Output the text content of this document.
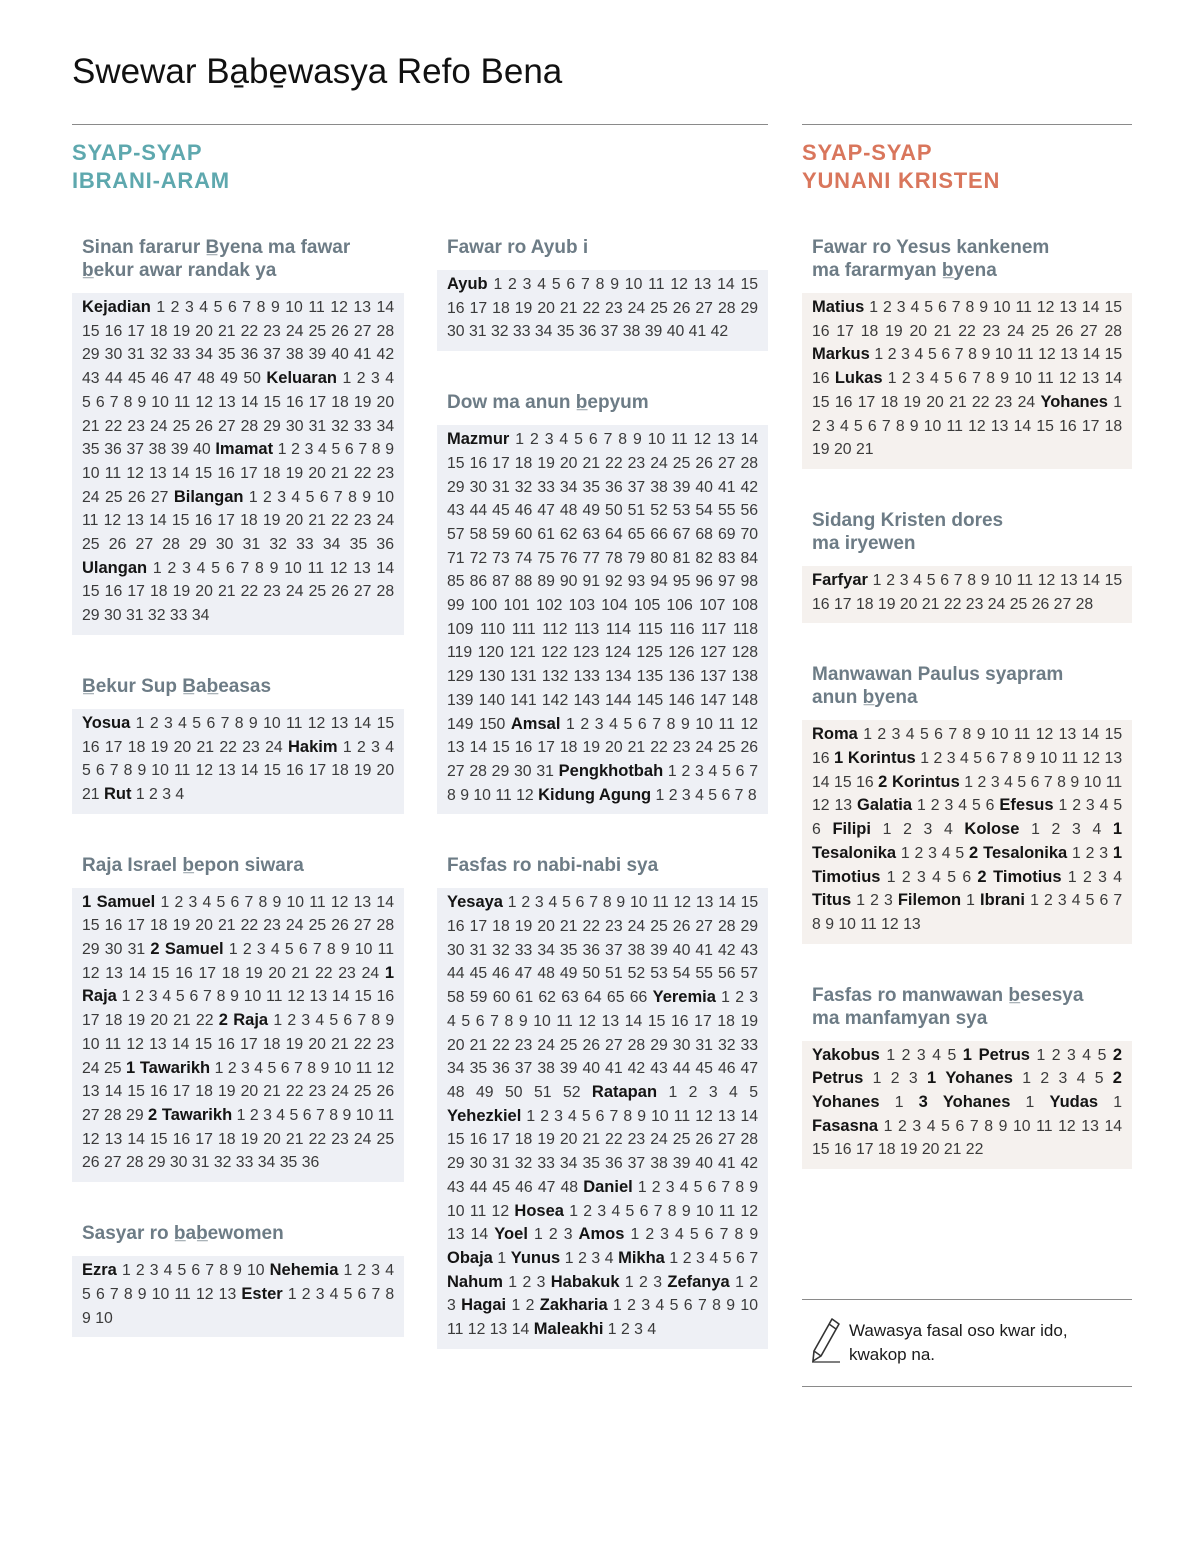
Swewar Ba̱be̱wasya Refo Bena
SYAP-SYAP
IBRANI-ARAM
SYAP-SYAP
YUNANI KRISTEN
Sinan fararur B̲yena ma fawar
b̲ekur awar randak ya
Kejadian 1 2 3 4 5 6 7 8 9 10 11 12 13 14 15 16 17 18 19 20 21 22 23 24 25 26 27 28 29 30 31 32 33 34 35 36 37 38 39 40 41 42 43 44 45 46 47 48 49 50 Keluaran 1 2 3 4 5 6 7 8 9 10 11 12 13 14 15 16 17 18 19 20 21 22 23 24 25 26 27 28 29 30 31 32 33 34 35 36 37 38 39 40 Imamat 1 2 3 4 5 6 7 8 9 10 11 12 13 14 15 16 17 18 19 20 21 22 23 24 25 26 27 Bilangan 1 2 3 4 5 6 7 8 9 10 11 12 13 14 15 16 17 18 19 20 21 22 23 24 25 26 27 28 29 30 31 32 33 34 35 36 Ulangan 1 2 3 4 5 6 7 8 9 10 11 12 13 14 15 16 17 18 19 20 21 22 23 24 25 26 27 28 29 30 31 32 33 34
B̲ekur Sup B̲ab̲easas
Yosua 1 2 3 4 5 6 7 8 9 10 11 12 13 14 15 16 17 18 19 20 21 22 23 24 Hakim 1 2 3 4 5 6 7 8 9 10 11 12 13 14 15 16 17 18 19 20 21 Rut 1 2 3 4
Raja Israel b̲epon siwara
1 Samuel 1 2 3 4 5 6 7 8 9 10 11 12 13 14 15 16 17 18 19 20 21 22 23 24 25 26 27 28 29 30 31 2 Samuel 1 2 3 4 5 6 7 8 9 10 11 12 13 14 15 16 17 18 19 20 21 22 23 24 1 Raja 1 2 3 4 5 6 7 8 9 10 11 12 13 14 15 16 17 18 19 20 21 22 2 Raja 1 2 3 4 5 6 7 8 9 10 11 12 13 14 15 16 17 18 19 20 21 22 23 24 25 1 Tawarikh 1 2 3 4 5 6 7 8 9 10 11 12 13 14 15 16 17 18 19 20 21 22 23 24 25 26 27 28 29 2 Tawarikh 1 2 3 4 5 6 7 8 9 10 11 12 13 14 15 16 17 18 19 20 21 22 23 24 25 26 27 28 29 30 31 32 33 34 35 36
Sasyar ro b̲ab̲ewomen
Ezra 1 2 3 4 5 6 7 8 9 10 Nehemia 1 2 3 4 5 6 7 8 9 10 11 12 13 Ester 1 2 3 4 5 6 7 8 9 10
Fawar ro Ayub i
Ayub 1 2 3 4 5 6 7 8 9 10 11 12 13 14 15 16 17 18 19 20 21 22 23 24 25 26 27 28 29 30 31 32 33 34 35 36 37 38 39 40 41 42
Dow ma anun b̲epyum
Mazmur 1 2 3 4 5 6 7 8 9 10 11 12 13 14 15 16 17 18 19 20 21 22 23 24 25 26 27 28 29 30 31 32 33 34 35 36 37 38 39 40 41 42 43 44 45 46 47 48 49 50 51 52 53 54 55 56 57 58 59 60 61 62 63 64 65 66 67 68 69 70 71 72 73 74 75 76 77 78 79 80 81 82 83 84 85 86 87 88 89 90 91 92 93 94 95 96 97 98 99 100 101 102 103 104 105 106 107 108 109 110 111 112 113 114 115 116 117 118 119 120 121 122 123 124 125 126 127 128 129 130 131 132 133 134 135 136 137 138 139 140 141 142 143 144 145 146 147 148 149 150 Amsal 1 2 3 4 5 6 7 8 9 10 11 12 13 14 15 16 17 18 19 20 21 22 23 24 25 26 27 28 29 30 31 Pengkhotbah 1 2 3 4 5 6 7 8 9 10 11 12 Kidung Agung 1 2 3 4 5 6 7 8
Fasfas ro nabi-nabi sya
Yesaya 1 2 3 4 5 6 7 8 9 10 11 12 13 14 15 16 17 18 19 20 21 22 23 24 25 26 27 28 29 30 31 32 33 34 35 36 37 38 39 40 41 42 43 44 45 46 47 48 49 50 51 52 53 54 55 56 57 58 59 60 61 62 63 64 65 66 Yeremia 1 2 3 4 5 6 7 8 9 10 11 12 13 14 15 16 17 18 19 20 21 22 23 24 25 26 27 28 29 30 31 32 33 34 35 36 37 38 39 40 41 42 43 44 45 46 47 48 49 50 51 52 Ratapan 1 2 3 4 5 Yehezkiel 1 2 3 4 5 6 7 8 9 10 11 12 13 14 15 16 17 18 19 20 21 22 23 24 25 26 27 28 29 30 31 32 33 34 35 36 37 38 39 40 41 42 43 44 45 46 47 48 Daniel 1 2 3 4 5 6 7 8 9 10 11 12 Hosea 1 2 3 4 5 6 7 8 9 10 11 12 13 14 Yoel 1 2 3 Amos 1 2 3 4 5 6 7 8 9 Obaja 1 Yunus 1 2 3 4 Mikha 1 2 3 4 5 6 7 Nahum 1 2 3 Habakuk 1 2 3 Zefanya 1 2 3 Hagai 1 2 Zakharia 1 2 3 4 5 6 7 8 9 10 11 12 13 14 Maleakhi 1 2 3 4
Fawar ro Yesus kankenem
ma fararmyan b̲yena
Matius 1 2 3 4 5 6 7 8 9 10 11 12 13 14 15 16 17 18 19 20 21 22 23 24 25 26 27 28 Markus 1 2 3 4 5 6 7 8 9 10 11 12 13 14 15 16 Lukas 1 2 3 4 5 6 7 8 9 10 11 12 13 14 15 16 17 18 19 20 21 22 23 24 Yohanes 1 2 3 4 5 6 7 8 9 10 11 12 13 14 15 16 17 18 19 20 21
Sidang Kristen dores
ma iryewen
Farfyar 1 2 3 4 5 6 7 8 9 10 11 12 13 14 15 16 17 18 19 20 21 22 23 24 25 26 27 28
Manwawan Paulus syapram
anun b̲yena
Roma 1 2 3 4 5 6 7 8 9 10 11 12 13 14 15 16 1 Korintus 1 2 3 4 5 6 7 8 9 10 11 12 13 14 15 16 2 Korintus 1 2 3 4 5 6 7 8 9 10 11 12 13 Galatia 1 2 3 4 5 6 Efesus 1 2 3 4 5 6 Filipi 1 2 3 4 Kolose 1 2 3 4 1 Tesalonika 1 2 3 4 5 2 Tesalonika 1 2 3 1 Timotius 1 2 3 4 5 6 2 Timotius 1 2 3 4 Titus 1 2 3 Filemon 1 Ibrani 1 2 3 4 5 6 7 8 9 10 11 12 13
Fasfas ro manwawan b̲esesya
ma manfamyan sya
Yakobus 1 2 3 4 5 1 Petrus 1 2 3 4 5 2 Petrus 1 2 3 1 Yohanes 1 2 3 4 5 2 Yohanes 1 3 Yohanes 1 Yudas 1 Fasasna 1 2 3 4 5 6 7 8 9 10 11 12 13 14 15 16 17 18 19 20 21 22
Wawasya fasal oso kwar ido,
kwakop na.
